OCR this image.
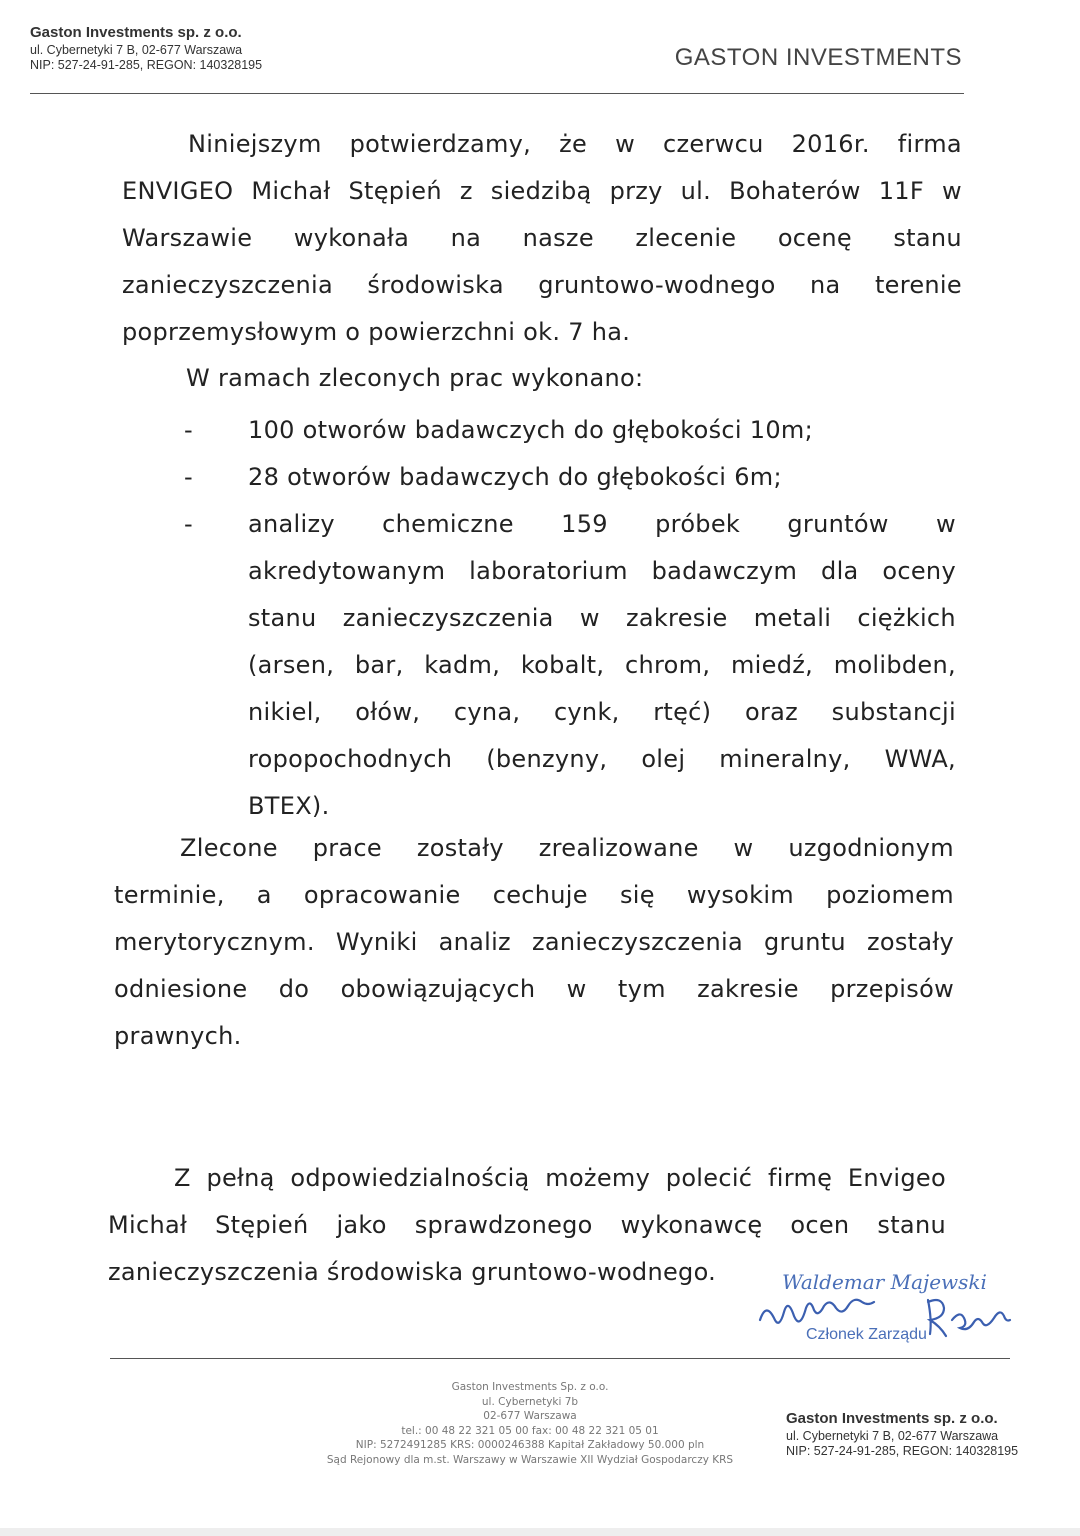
Gaston Investments sp. z o.o.
ul. Cybernetyki 7 B, 02-677 Warszawa
NIP: 527-24-91-285, REGON: 140328195	GASTON INVESTMENTS
Niniejszym potwierdzamy, że w czerwcu 2016r. firma
ENVIGEO Michał Stępień z siedzibą przy ul. Bohaterów 11F w
Warszawie wykonała na nasze zlecenie ocenę stanu
zanieczyszczenia środowiska gruntowo-wodnego na terenie
poprzemysłowym o powierzchni ok. 7 ha.
W ramach zleconych prac wykonano:
- 100 otworów badawczych do głębokości 10m;
- 28 otworów badawczych do głębokości 6m;
- analizy chemiczne 159 próbek gruntów w
akredytowanym laboratorium badawczym dla oceny
stanu zanieczyszczenia w zakresie metali ciężkich
(arsen, bar, kadm, kobalt, chrom, miedź, molibden,
nikiel, ołów, cyna, cynk, rtęć) oraz substancji
ropopochodnych (benzyny, olej mineralny, WWA,
BTEX).
Zlecone prace zostały zrealizowane w uzgodnionym
terminie, a opracowanie cechuje się wysokim poziomem
merytorycznym. Wyniki analiz zanieczyszczenia gruntu zostały
odniesione do obowiązujących w tym zakresie przepisów
prawnych.
Z pełną odpowiedzialnością możemy polecić firmę Envigeo
Michał Stępień jako sprawdzonego wykonawcę ocen stanu
zanieczyszczenia środowiska gruntowo-wodnego.	Waldemar Majewski
Członek Zarządu
Gaston Investments Sp. z o.o.
ul. Cybernetyki 7b
02-677 Warszawa
tel.: 00 48 22 321 05 00 fax: 00 48 22 321 05 01
NIP: 5272491285 KRS: 0000246388 Kapitał Zakładowy 50.000 pln
Sąd Rejonowy dla m.st. Warszawy w Warszawie XII Wydział Gospodarczy KRS
Gaston Investments sp. z o.o.
ul. Cybernetyki 7 B, 02-677 Warszawa
NIP: 527-24-91-285, REGON: 140328195
